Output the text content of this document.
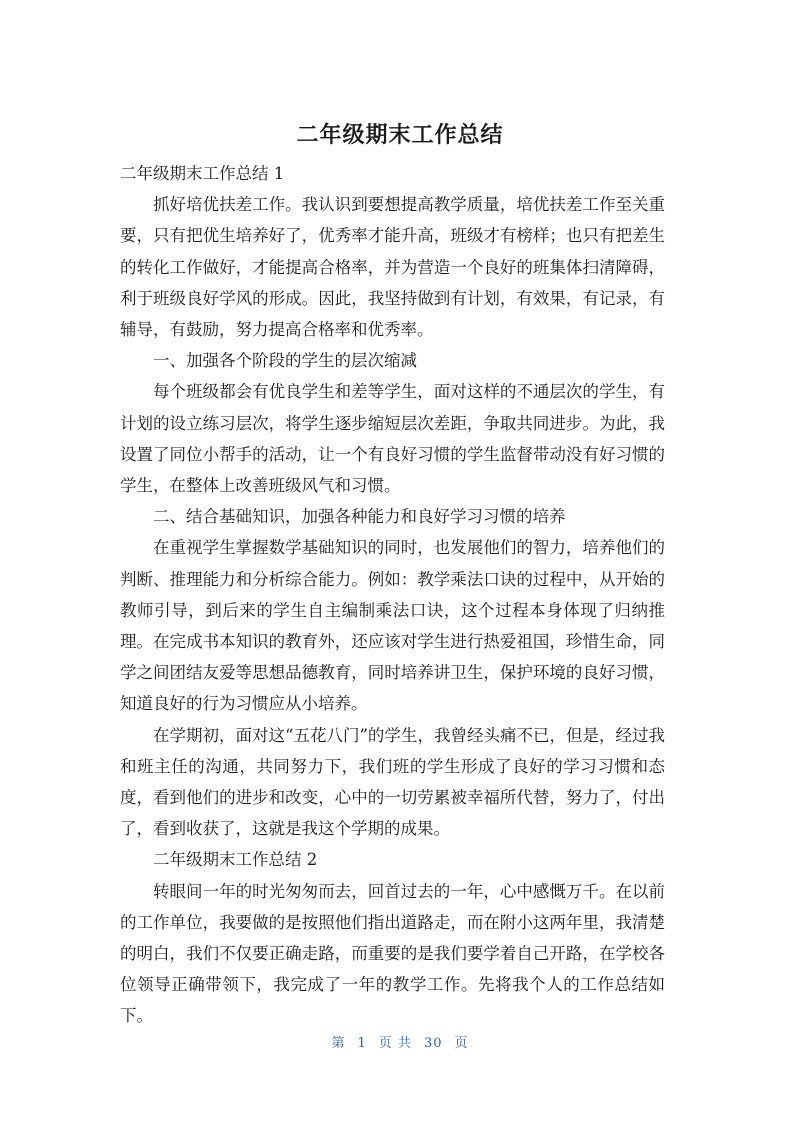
二年级期末工作总结

二年级期末工作总结 1

抓好培优扶差工作。我认识到要想提高教学质量，培优扶差工作至关重要，只有把优生培养好了，优秀率才能升高，班级才有榜样；也只有把差生的转化工作做好，才能提高合格率，并为营造一个良好的班集体扫清障碍，利于班级良好学风的形成。因此，我坚持做到有计划，有效果，有记录，有辅导，有鼓励，努力提高合格率和优秀率。

一、加强各个阶段的学生的层次缩减

每个班级都会有优良学生和差等学生，面对这样的不通层次的学生，有计划的设立练习层次，将学生逐步缩短层次差距，争取共同进步。为此，我设置了同位小帮手的活动，让一个有良好习惯的学生监督带动没有好习惯的学生，在整体上改善班级风气和习惯。

二、结合基础知识，加强各种能力和良好学习习惯的培养

在重视学生掌握数学基础知识的同时，也发展他们的智力，培养他们的判断、推理能力和分析综合能力。例如：教学乘法口诀的过程中，从开始的教师引导，到后来的学生自主编制乘法口诀，这个过程本身体现了归纳推理。在完成书本知识的教育外，还应该对学生进行热爱祖国，珍惜生命，同学之间团结友爱等思想品德教育，同时培养讲卫生，保护环境的良好习惯，知道良好的行为习惯应从小培养。

在学期初，面对这“五花八门”的学生，我曾经头痛不已，但是，经过我和班主任的沟通，共同努力下，我们班的学生形成了良好的学习习惯和态度，看到他们的进步和改变，心中的一切劳累被幸福所代替，努力了，付出了，看到收获了，这就是我这个学期的成果。

二年级期末工作总结 2

转眼间一年的时光匆匆而去，回首过去的一年，心中感慨万千。在以前的工作单位，我要做的是按照他们指出道路走，而在附小这两年里，我清楚的明白，我们不仅要正确走路，而重要的是我们要学着自己开路，在学校各位领导正确带领下，我完成了一年的教学工作。先将我个人的工作总结如下。

第 1 页 共 30 页
